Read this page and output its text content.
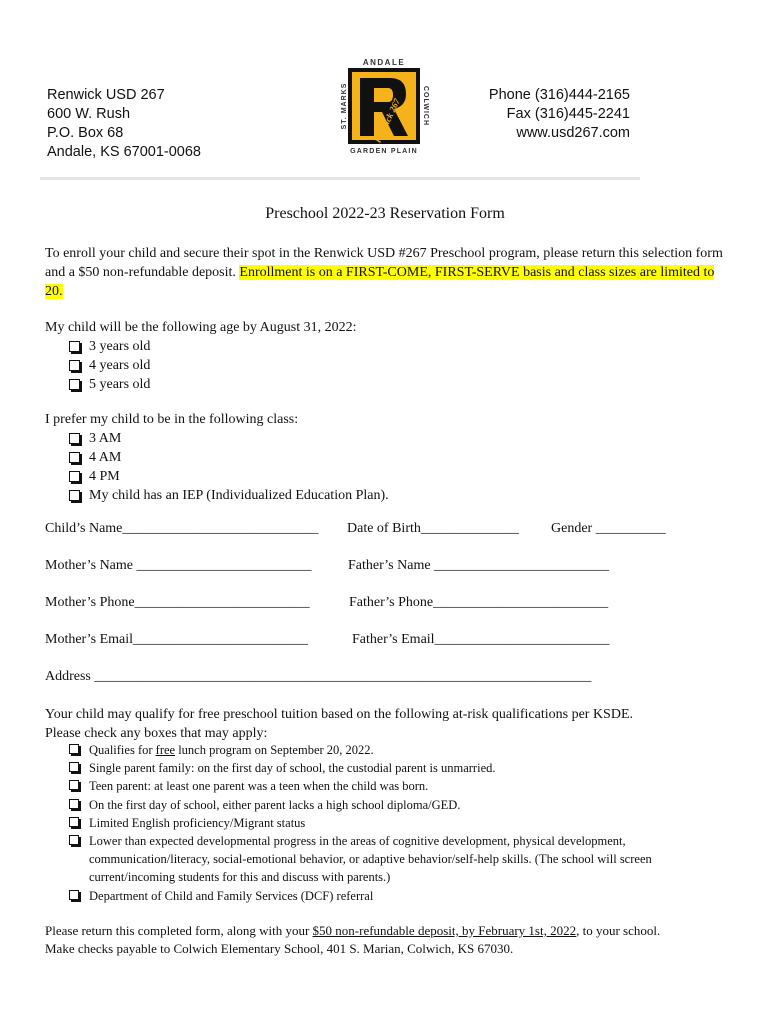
Renwick USD 267
600 W. Rush
P.O. Box 68
Andale, KS 67001-0068
ANDALE
GARDEN PLAIN
ST. MARKS	COLWICH
Renwick 267
Phone (316)444-2165
Fax (316)445-2241
www.usd267.com
Preschool 2022-23 Reservation Form
To enroll your child and secure their spot in the Renwick USD #267 Preschool program, please return this selection form and a $50 non-refundable deposit. Enrollment is on a FIRST-COME, FIRST-SERVE basis and class sizes are limited to 20.
My child will be the following age by August 31, 2022:
3 years old
4 years old
5 years old
I prefer my child to be in the following class:
3 AM
4 AM
4 PM
My child has an IEP (Individualized Education Plan).
Child’s Name____________________________ Date of Birth______________ Gender __________
Mother’s Name _________________________	Father’s Name _________________________
Mother’s Phone_________________________	Father’s Phone_________________________
Mother’s Email_________________________	Father’s Email_________________________
Address _______________________________________________________________________
Your child may qualify for free preschool tuition based on the following at-risk qualifications per KSDE.
Please check any boxes that may apply:
Qualifies for free lunch program on September 20, 2022.
Single parent family: on the first day of school, the custodial parent is unmarried.
Teen parent: at least one parent was a teen when the child was born.
On the first day of school, either parent lacks a high school diploma/GED.
Limited English proficiency/Migrant status
Lower than expected developmental progress in the areas of cognitive development, physical development, communication/literacy, social-emotional behavior, or adaptive behavior/self-help skills. (The school will screen current/incoming students for this and discuss with parents.)
Department of Child and Family Services (DCF) referral
Please return this completed form, along with your $50 non-refundable deposit, by February 1st, 2022, to your school.
Make checks payable to Colwich Elementary School, 401 S. Marian, Colwich, KS 67030.
